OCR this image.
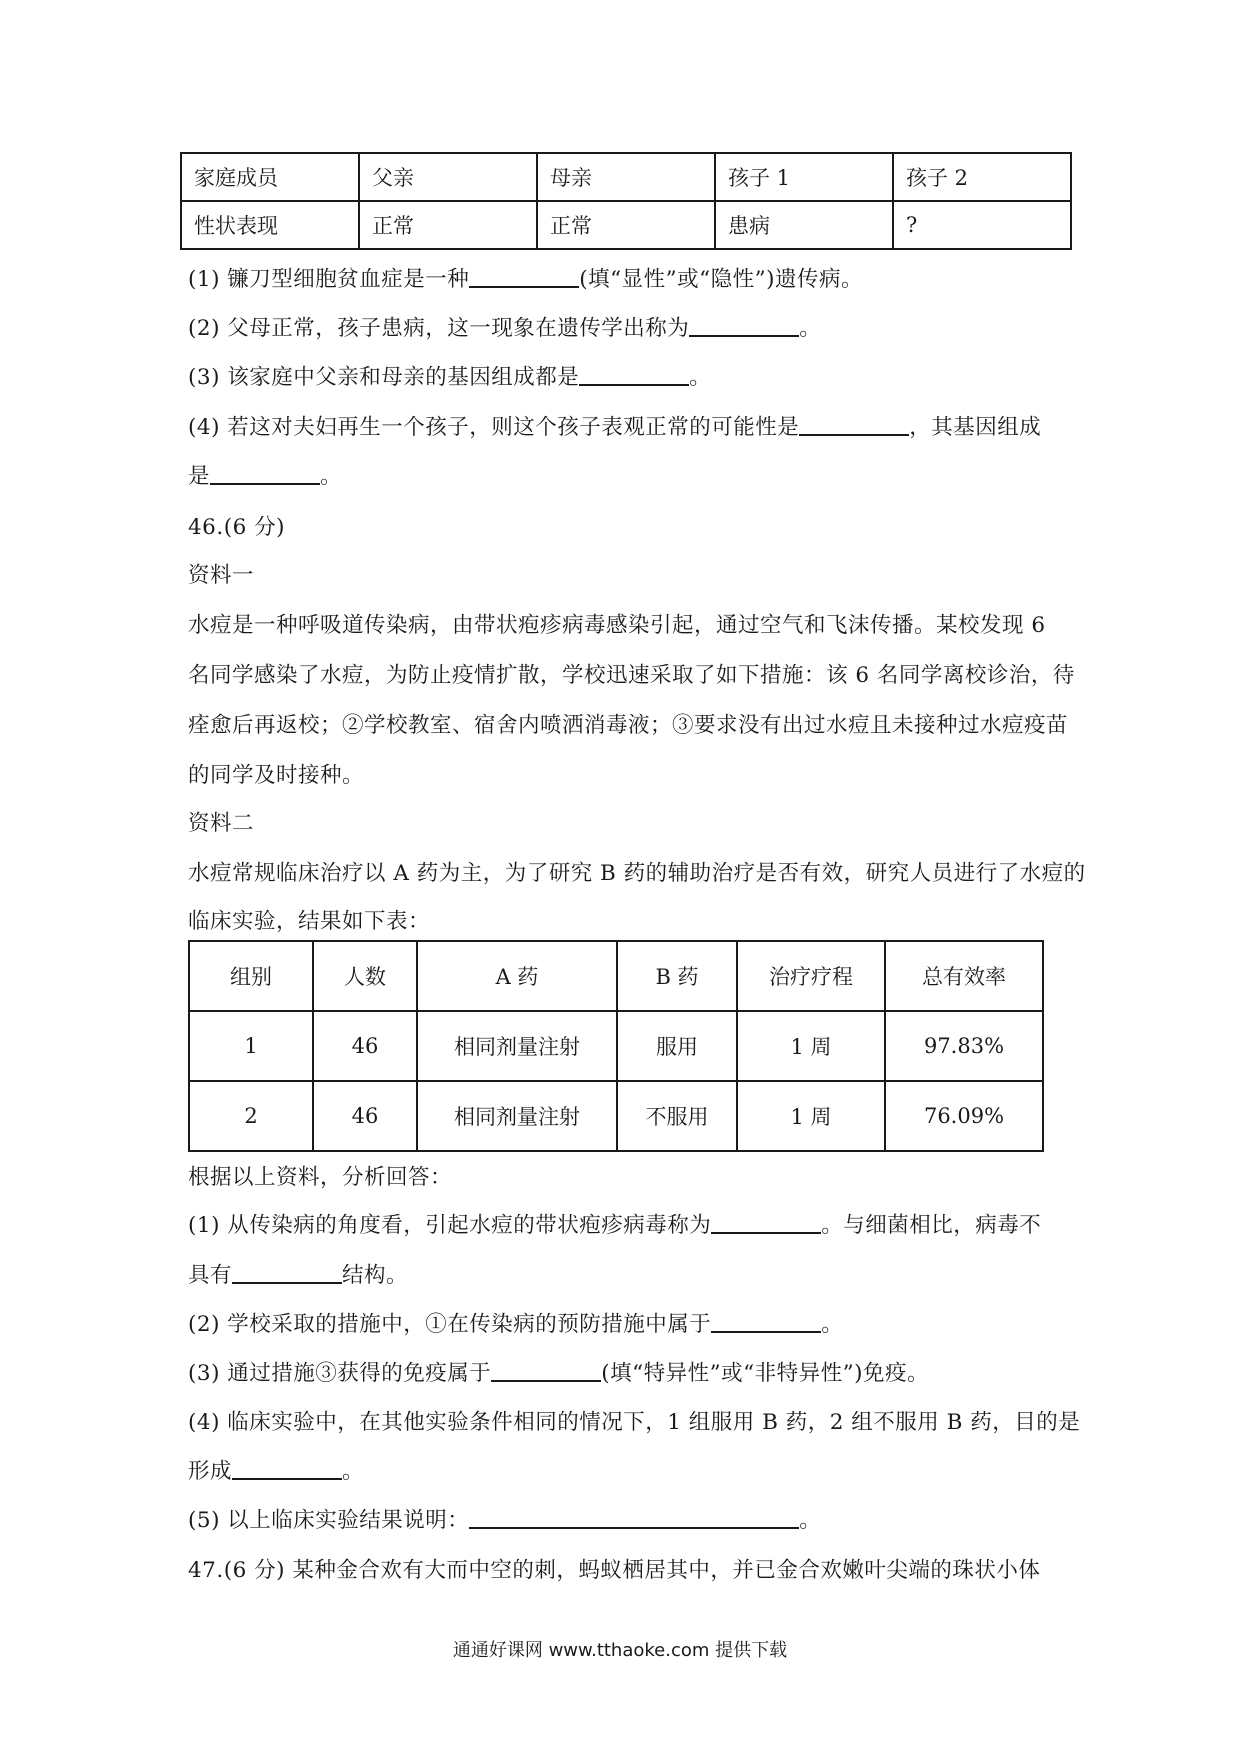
家庭成员	父亲	母亲	孩子 1	孩子 2
性状表现	正常	正常	患病	?
(1) 镰刀型细胞贫血症是一种	(填“显性”或“隐性”)遗传病。
(2) 父母正常，孩子患病，这一现象在遗传学出称为	。
(3) 该家庭中父亲和母亲的基因组成都是	。
(4) 若这对夫妇再生一个孩子，则这个孩子表观正常的可能性是	，其基因组成
是	。
46.(6 分)
资料一
水痘是一种呼吸道传染病，由带状疱疹病毒感染引起，通过空气和飞沫传播。某校发现 6
名同学感染了水痘，为防止疫情扩散，学校迅速采取了如下措施：该 6 名同学离校诊治，待
痊愈后再返校；②学校教室、宿舍内喷洒消毒液；③要求没有出过水痘且未接种过水痘疫苗
的同学及时接种。
资料二
水痘常规临床治疗以 A 药为主，为了研究 B 药的辅助治疗是否有效，研究人员进行了水痘的
临床实验，结果如下表：
组别	人数	A 药	B 药	治疗疗程	总有效率
1	46	相同剂量注射	服用	1 周	97.83%
2	46	相同剂量注射	不服用	1 周	76.09%
根据以上资料，分析回答：
(1) 从传染病的角度看，引起水痘的带状疱疹病毒称为	。与细菌相比，病毒不
具有	结构。
(2) 学校采取的措施中，①在传染病的预防措施中属于	。
(3) 通过措施③获得的免疫属于	(填“特异性”或“非特异性”)免疫。
(4) 临床实验中，在其他实验条件相同的情况下，1 组服用 B 药，2 组不服用 B 药，目的是
形成	。
(5) 以上临床实验结果说明：	。
47.(6 分) 某种金合欢有大而中空的刺，蚂蚁栖居其中，并已金合欢嫩叶尖端的珠状小体
通通好课网 www.tthaoke.com 提供下载
